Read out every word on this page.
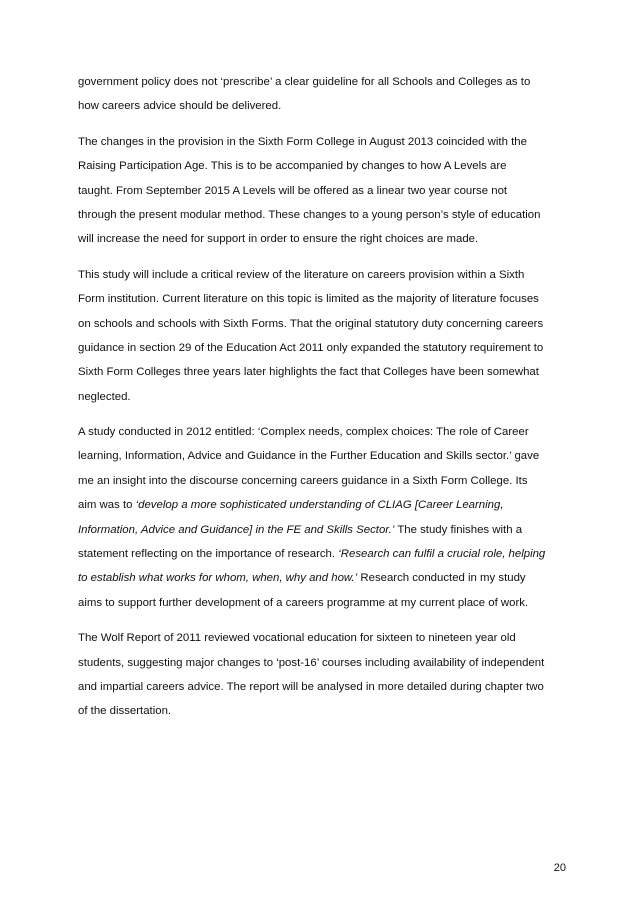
government policy does not ‘prescribe’ a clear guideline for all Schools and Colleges as to
how careers advice should be delivered.
The changes in the provision in the Sixth Form College in August 2013 coincided with the
Raising Participation Age. This is to be accompanied by changes to how A Levels are
taught. From September 2015 A Levels will be offered as a linear two year course not
through the present modular method. These changes to a young person’s style of education
will increase the need for support in order to ensure the right choices are made.
This study will include a critical review of the literature on careers provision within a Sixth
Form institution. Current literature on this topic is limited as the majority of literature focuses
on schools and schools with Sixth Forms. That the original statutory duty concerning careers
guidance in section 29 of the Education Act 2011 only expanded the statutory requirement to
Sixth Form Colleges three years later highlights the fact that Colleges have been somewhat
neglected.
A study conducted in 2012 entitled: ‘Complex needs, complex choices: The role of Career
learning, Information, Advice and Guidance in the Further Education and Skills sector.’ gave
me an insight into the discourse concerning careers guidance in a Sixth Form College. Its
aim was to ‘develop a more sophisticated understanding of CLIAG [Career Learning,
Information, Advice and Guidance] in the FE and Skills Sector.’ The study finishes with a
statement reflecting on the importance of research. ‘Research can fulfil a crucial role, helping
to establish what works for whom, when, why and how.’ Research conducted in my study
aims to support further development of a careers programme at my current place of work.
The Wolf Report of 2011 reviewed vocational education for sixteen to nineteen year old
students, suggesting major changes to ‘post-16’ courses including availability of independent
and impartial careers advice. The report will be analysed in more detailed during chapter two
of the dissertation.
20
